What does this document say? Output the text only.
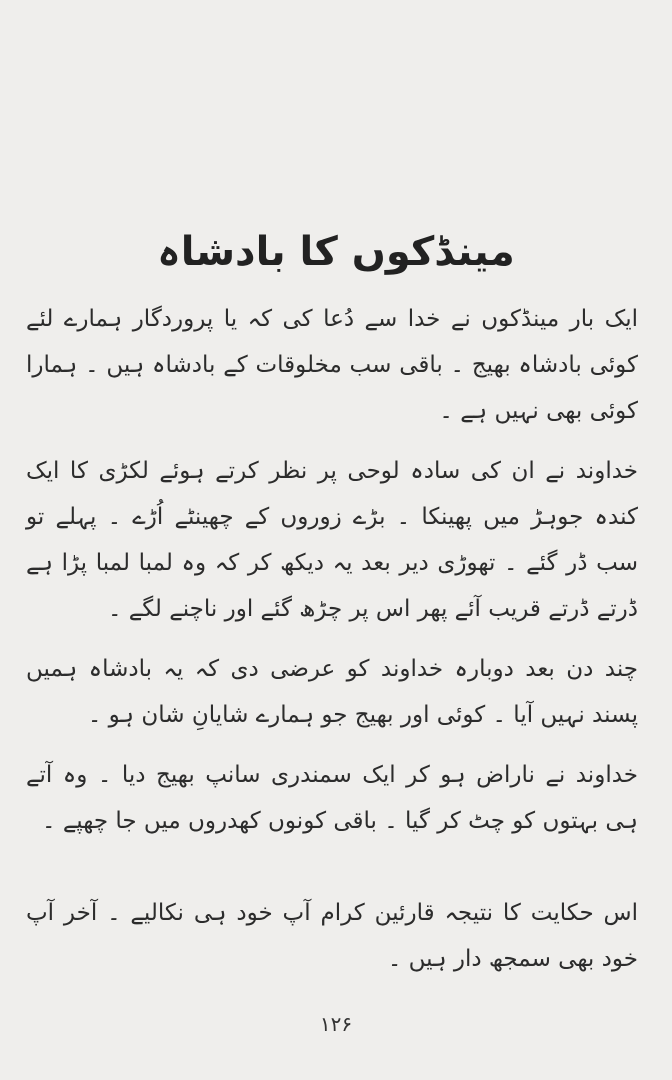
مینڈکوں کا بادشاہ

ایک بار مینڈکوں نے خدا سے دُعا کی کہ یا پروردگار ہمارے لئے کوئی بادشاہ بھیج ۔ باقی سب مخلوقات کے بادشاہ ہیں ۔ ہمارا کوئی بھی نہیں ہے ۔

خداوند نے ان کی سادہ لوحی پر نظر کرتے ہوئے لکڑی کا ایک کندہ جوہڑ میں پھینکا ۔ بڑے زوروں کے چھینٹے اُڑے ۔ پہلے تو سب ڈر گئے ۔ تھوڑی دیر بعد یہ دیکھ کر کہ وہ لمبا لمبا پڑا ہے ڈرتے ڈرتے قریب آئے پھر اس پر چڑھ گئے اور ناچنے لگے ۔

چند دن بعد دوبارہ خداوند کو عرضی دی کہ یہ بادشاہ ہمیں پسند نہیں آیا ۔ کوئی اور بھیج جو ہمارے شایانِ شان ہو ۔

خداوند نے ناراض ہو کر ایک سمندری سانپ بھیج دیا ۔ وہ آتے ہی بہتوں کو چٹ کر گیا ۔ باقی کونوں کھدروں میں جا چھپے ۔

اس حکایت کا نتیجہ قارئین کرام آپ خود ہی نکالیے ۔ آخر آپ خود بھی سمجھ دار ہیں ۔

۱۲۶
